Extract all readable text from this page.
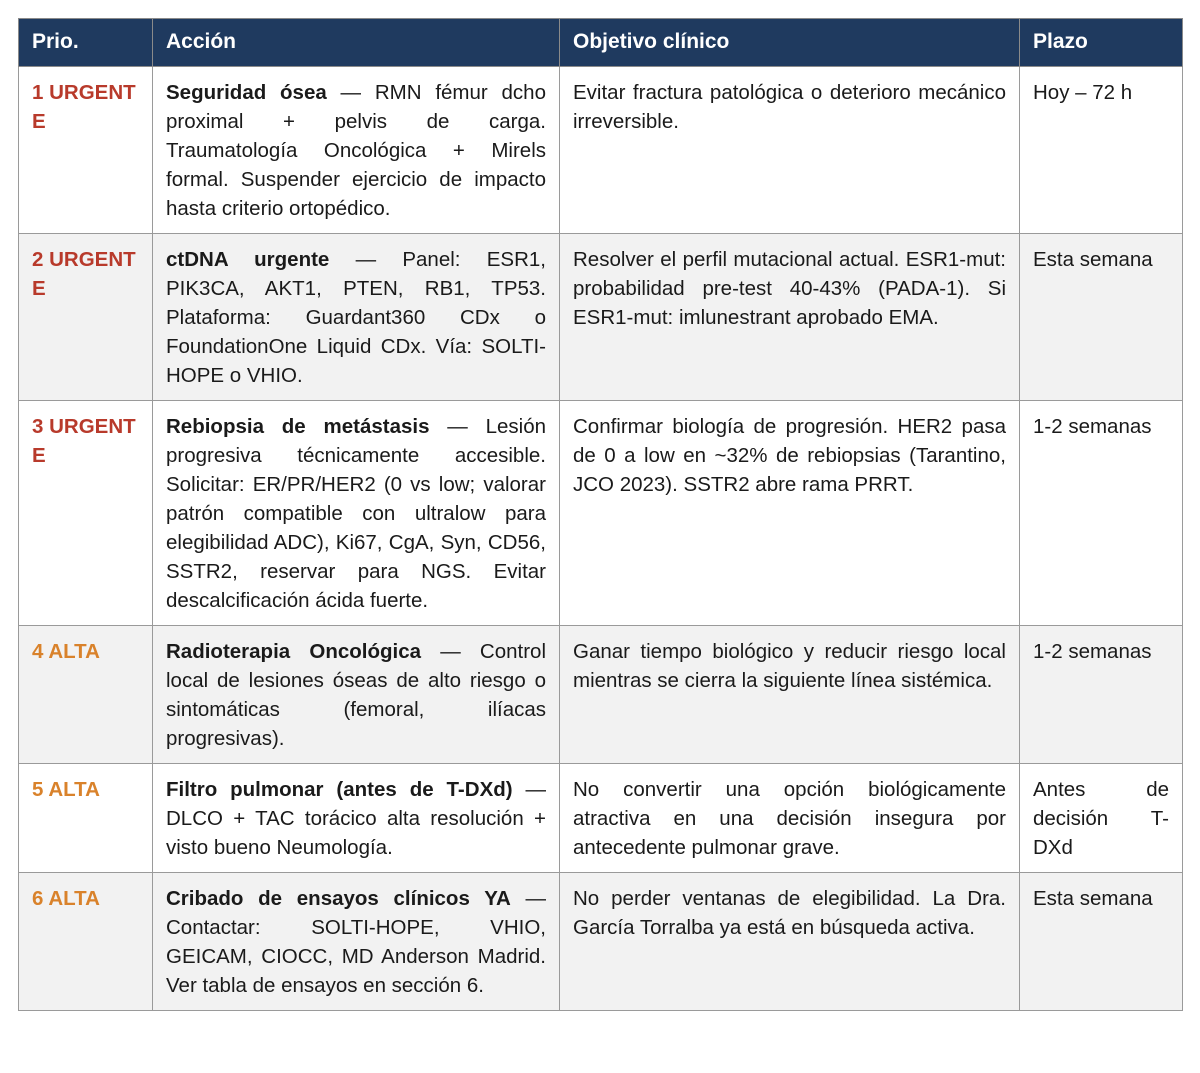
Prio.	Acción	Objetivo clínico	Plazo
1 URGENTE	Seguridad ósea — RMN fémur dcho proximal + pelvis de carga. Traumatología Oncológica + Mirels formal. Suspender ejercicio de impacto hasta criterio ortopédico.	Evitar fractura patológica o deterioro mecánico irreversible.	Hoy – 72 h
2 URGENTE	ctDNA urgente — Panel: ESR1, PIK3CA, AKT1, PTEN, RB1, TP53. Plataforma: Guardant360 CDx o FoundationOne Liquid CDx. Vía: SOLTI-HOPE o VHIO.	Resolver el perfil mutacional actual. ESR1-mut: probabilidad pre-test 40-43% (PADA-1). Si ESR1-mut: imlunestrant aprobado EMA.	Esta semana
3 URGENTE	Rebiopsia de metástasis — Lesión progresiva técnicamente accesible. Solicitar: ER/PR/HER2 (0 vs low; valorar patrón compatible con ultralow para elegibilidad ADC), Ki67, CgA, Syn, CD56, SSTR2, reservar para NGS. Evitar descalcificación ácida fuerte.	Confirmar biología de progresión. HER2 pasa de 0 a low en ~32% de rebiopsias (Tarantino, JCO 2023). SSTR2 abre rama PRRT.	1-2 semanas
4 ALTA	Radioterapia Oncológica — Control local de lesiones óseas de alto riesgo o sintomáticas (femoral, ilíacas progresivas).	Ganar tiempo biológico y reducir riesgo local mientras se cierra la siguiente línea sistémica.	1-2 semanas
5 ALTA	Filtro pulmonar (antes de T-DXd) — DLCO + TAC torácico alta resolución + visto bueno Neumología.	No convertir una opción biológicamente atractiva en una decisión insegura por antecedente pulmonar grave.	Antes de decisión T-DXd
6 ALTA	Cribado de ensayos clínicos YA — Contactar: SOLTI-HOPE, VHIO, GEICAM, CIOCC, MD Anderson Madrid. Ver tabla de ensayos en sección 6.	No perder ventanas de elegibilidad. La Dra. García Torralba ya está en búsqueda activa.	Esta semana
